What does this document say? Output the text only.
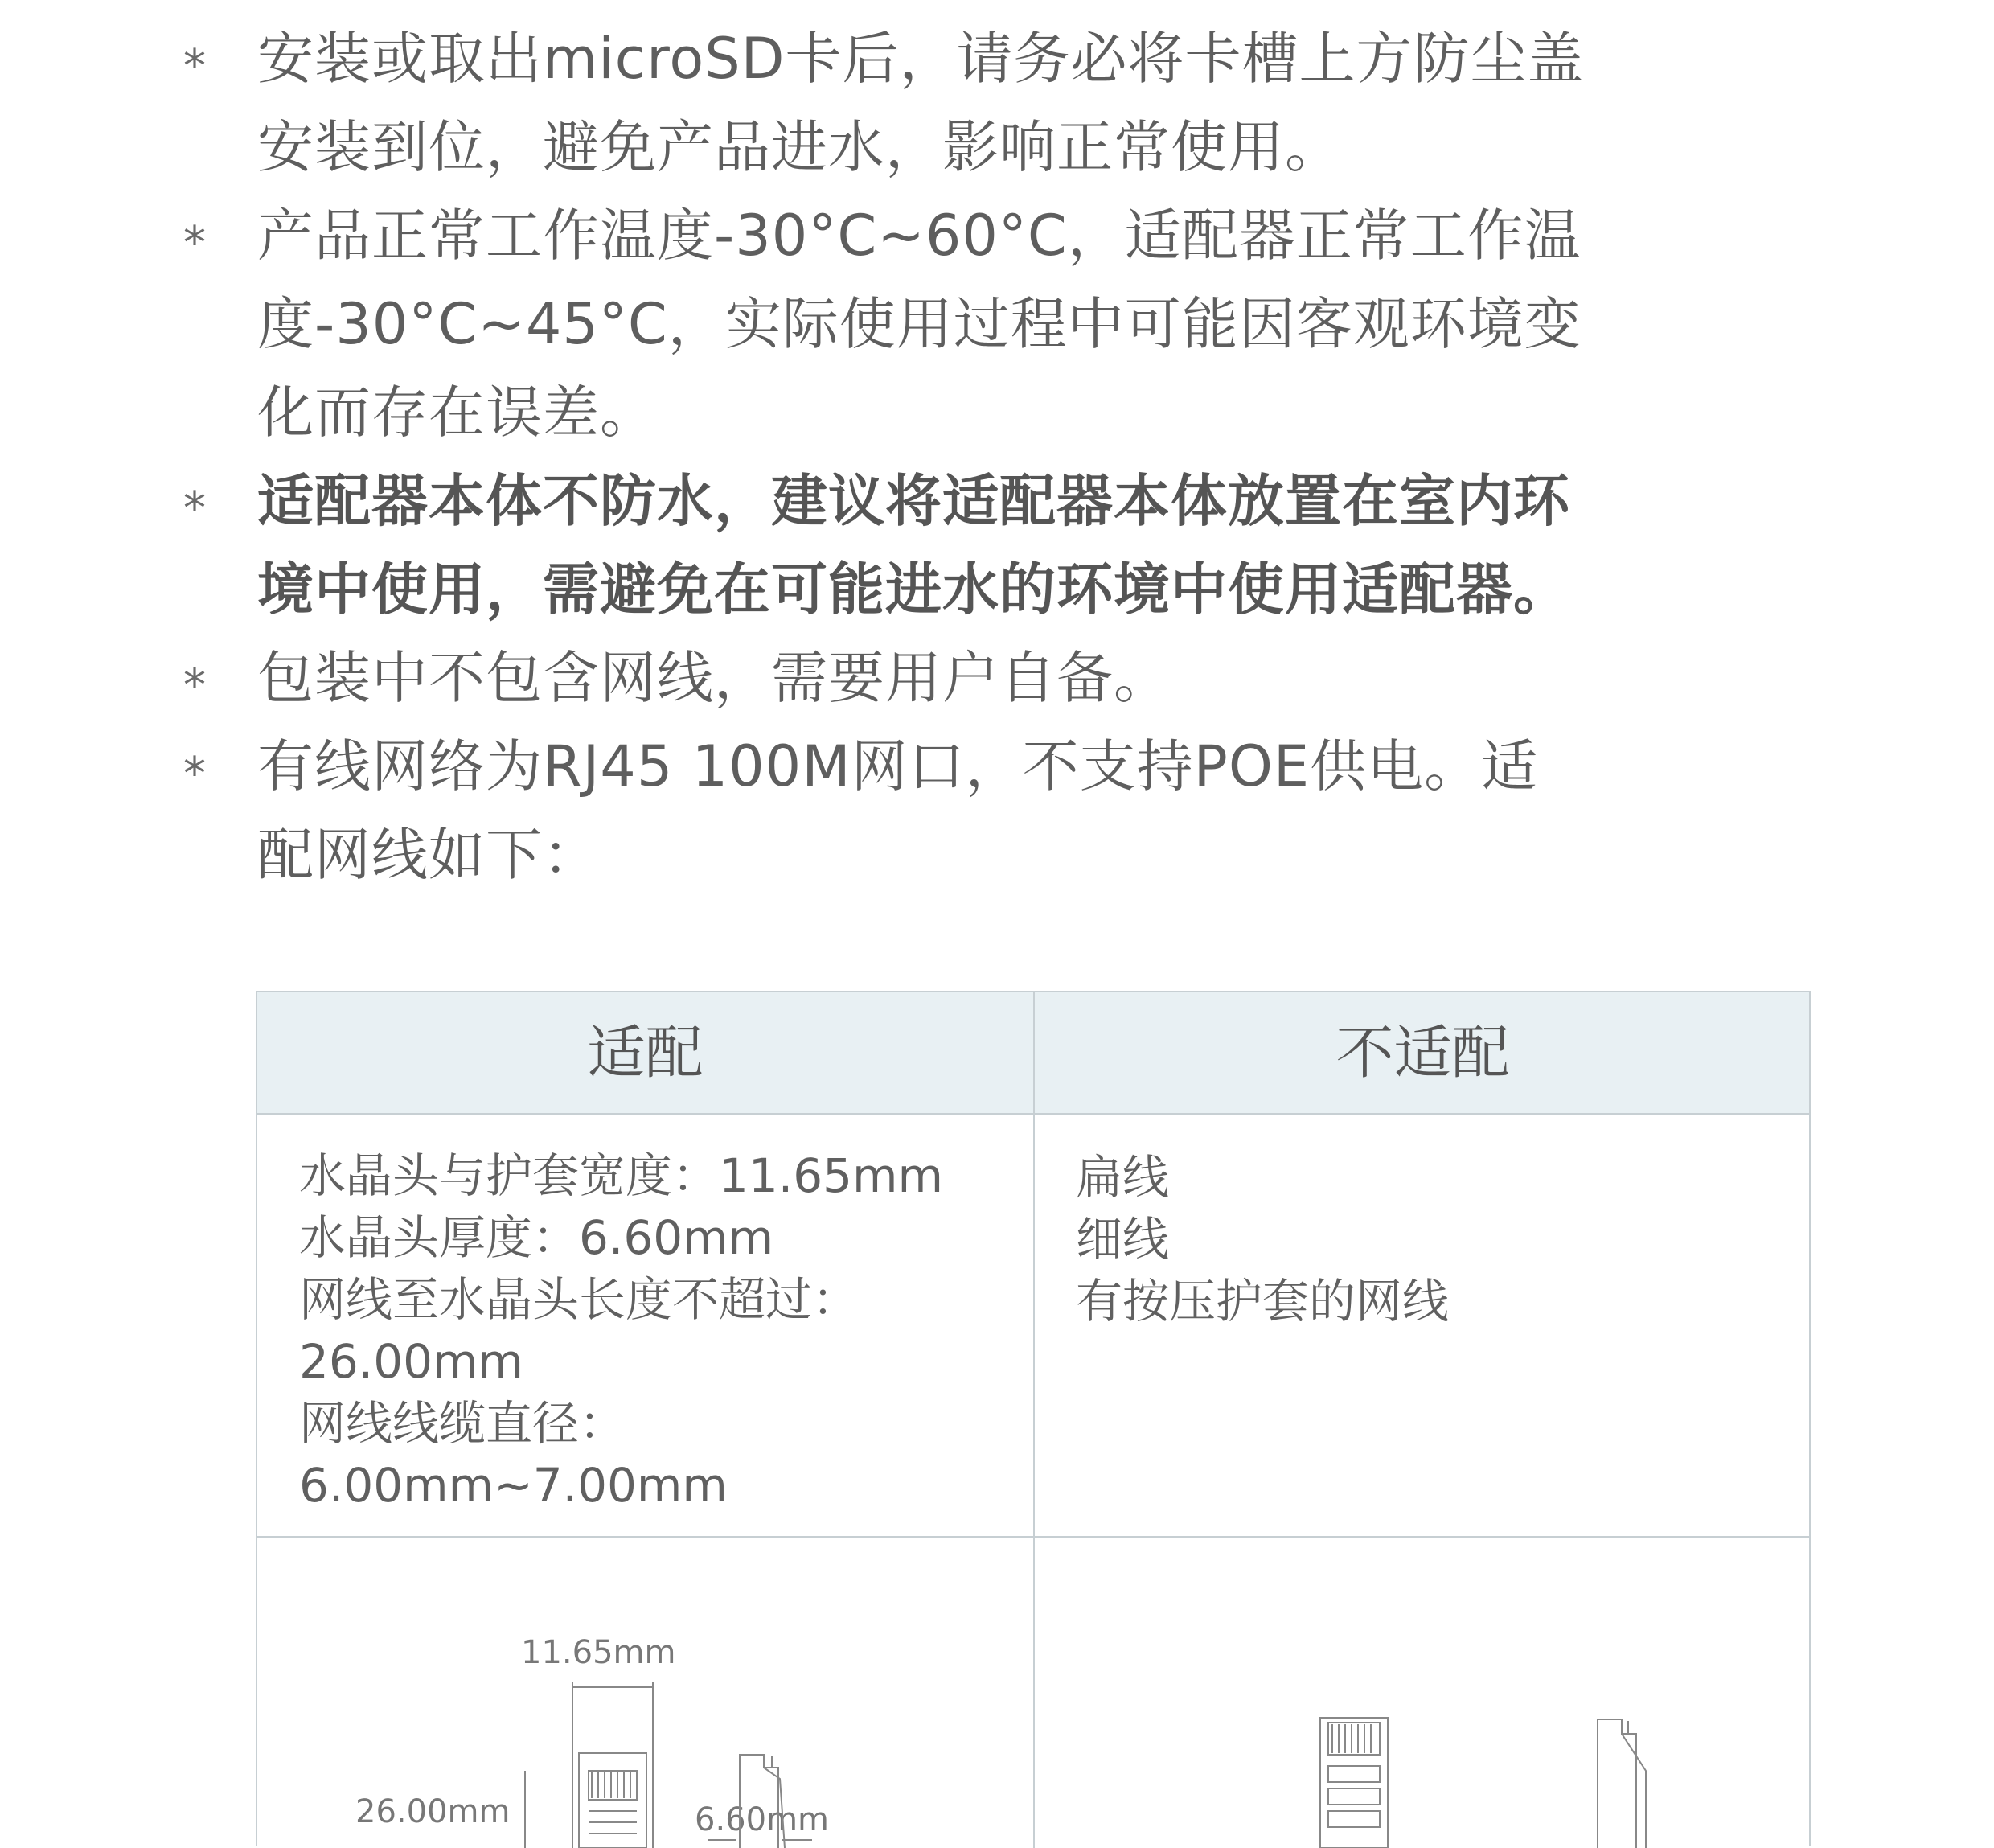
* 安装或取出microSD卡后，请务必将卡槽上方防尘盖
安装到位，避免产品进水，影响正常使用。
* 产品正常工作温度-30°C~60°C，适配器正常工作温
度-30°C~45°C，实际使用过程中可能因客观环境变
化而存在误差。
* 适配器本体不防水，建议将适配器本体放置在室内环
境中使用，需避免在可能进水的环境中使用适配器。
* 包装中不包含网线，需要用户自备。
* 有线网络为RJ45 100M网口，不支持POE供电。适
配网线如下：
适配	不适配
水晶头与护套宽度：11.65mm
水晶头厚度：6.60mm
网线至水晶头长度不超过：
26.00mm
网线线缆直径：
6.00mm~7.00mm
扁线
细线
有按压护套的网线
11.65mm
26.00mm	6.60mm
